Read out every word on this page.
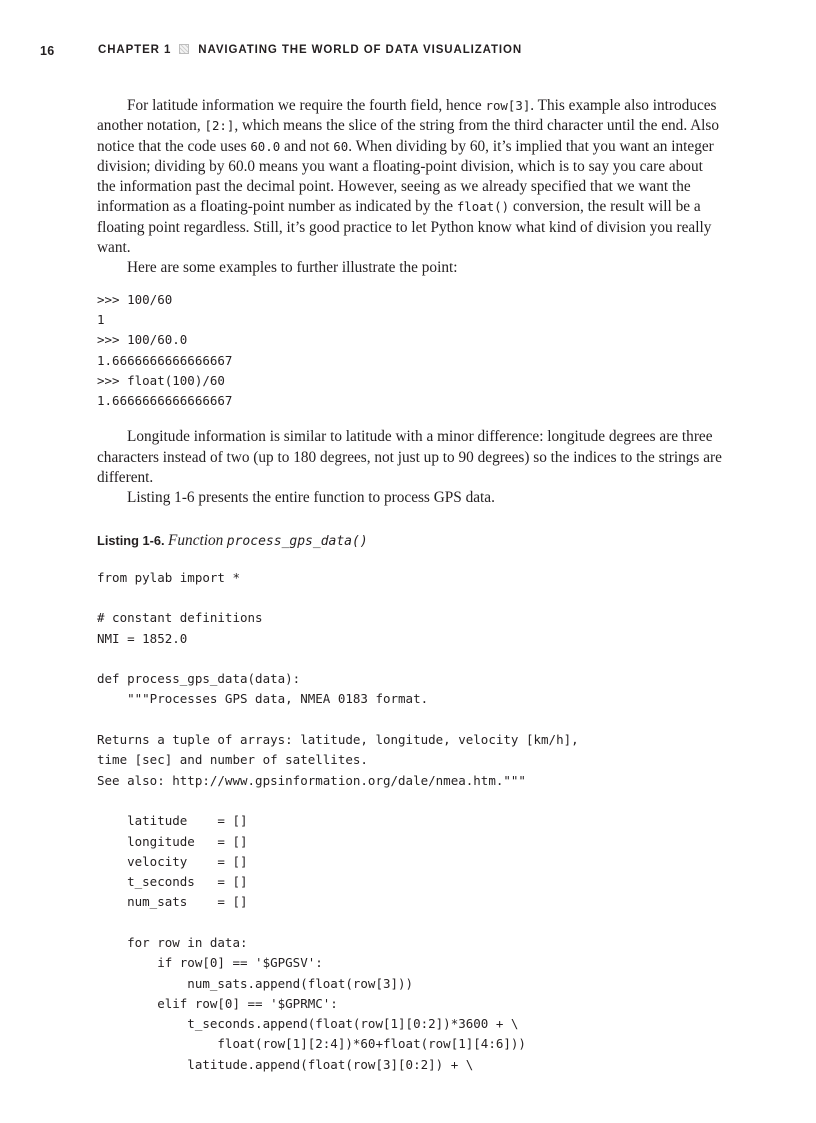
16	CHAPTER 1 NAVIGATING THE WORLD OF DATA VISUALIZATION

For latitude information we require the fourth field, hence row[3]. This example also introduces another notation, [2:], which means the slice of the string from the third character until the end. Also notice that the code uses 60.0 and not 60. When dividing by 60, it’s implied that you want an integer division; dividing by 60.0 means you want a floating-point division, which is to say you care about the information past the decimal point. However, seeing as we already specified that we want the information as a floating-point number as indicated by the float() conversion, the result will be a floating point regardless. Still, it’s good practice to let Python know what kind of division you really want.

Here are some examples to further illustrate the point:

>>> 100/60
1
>>> 100/60.0
1.6666666666666667
>>> float(100)/60
1.6666666666666667

Longitude information is similar to latitude with a minor difference: longitude degrees are three characters instead of two (up to 180 degrees, not just up to 90 degrees) so the indices to the strings are different.

Listing 1-6 presents the entire function to process GPS data.

Listing 1-6. Function process_gps_data()

from pylab import *
# constant definitions
NMI = 1852.0
def process_gps_data(data):
"""Processes GPS data, NMEA 0183 format.
Returns a tuple of arrays: latitude, longitude, velocity [km/h],
time [sec] and number of satellites.
See also: http://www.gpsinformation.org/dale/nmea.htm."""
latitude    = []
longitude   = []
velocity    = []
t_seconds   = []
num_sats    = []
for row in data:
if row[0] == '$GPGSV':
num_sats.append(float(row[3]))
elif row[0] == '$GPRMC':
t_seconds.append(float(row[1][0:2])*3600 + \
float(row[1][2:4])*60+float(row[1][4:6]))
latitude.append(float(row[3][0:2]) + \
